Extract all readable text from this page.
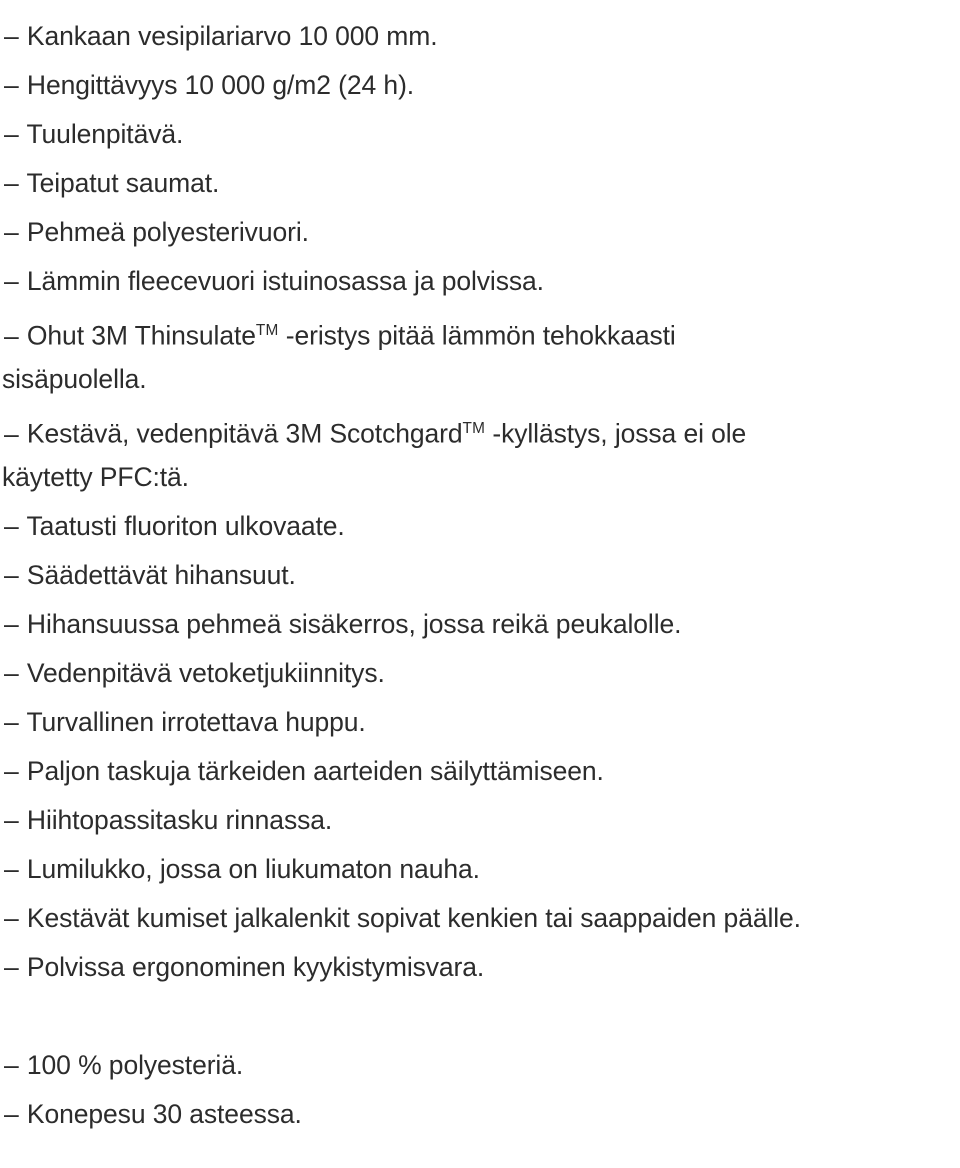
– Kankaan vesipilariarvo 10 000 mm.
– Hengittävyys 10 000 g/m2 (24 h).
– Tuulenpitävä.
– Teipatut saumat.
– Pehmeä polyesterivuori.
– Lämmin fleecevuori istuinosassa ja polvissa.
– Ohut 3M Thinsulate™ -eristys pitää lämmön tehokkaasti
sisäpuolella.
– Kestävä, vedenpitävä 3M Scotchgard™ -kyllästys, jossa ei ole
käytetty PFC:tä.
– Taatusti fluoriton ulkovaate.
– Säädettävät hihansuut.
– Hihansuussa pehmeä sisäkerros, jossa reikä peukalolle.
– Vedenpitävä vetoketjukiinnitys.
– Turvallinen irrotettava huppu.
– Paljon taskuja tärkeiden aarteiden säilyttämiseen.
– Hiihtopassitasku rinnassa.
– Lumilukko, jossa on liukumaton nauha.
– Kestävät kumiset jalkalenkit sopivat kenkien tai saappaiden päälle.
– Polvissa ergonominen kyykistymisvara.

– 100 % polyesteriä.
– Konepesu 30 asteessa.
